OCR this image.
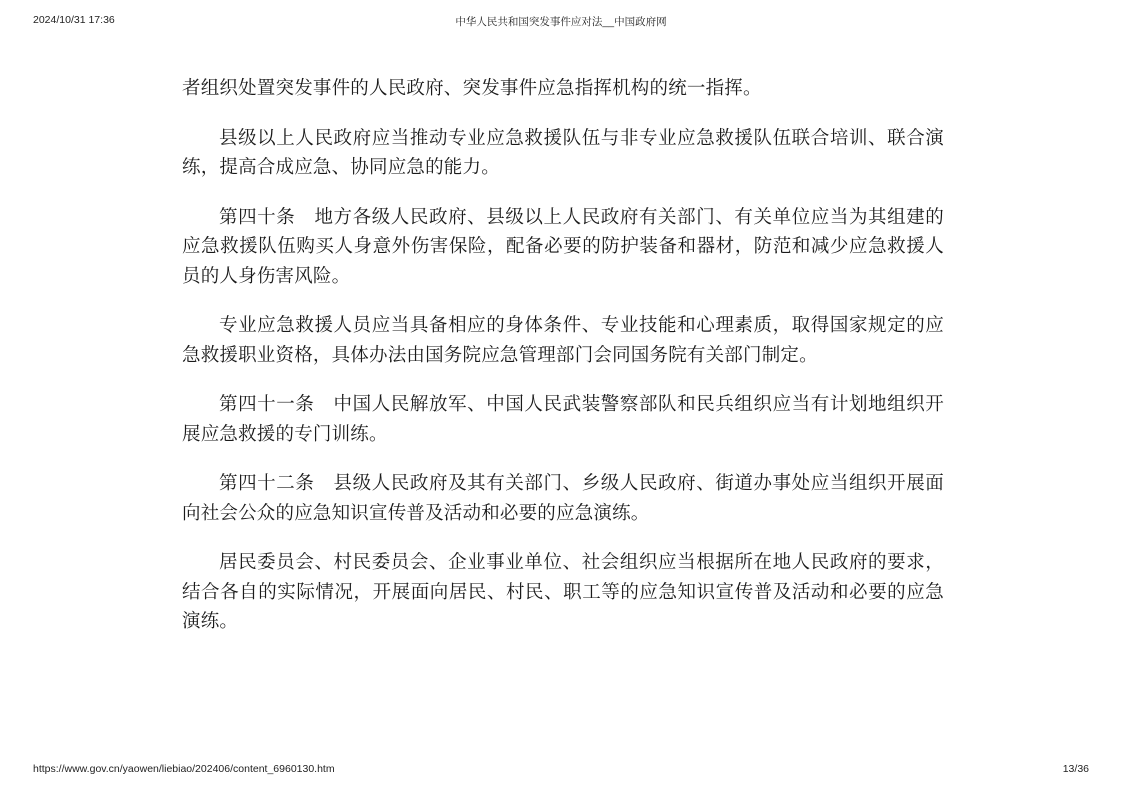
2024/10/31 17:36	中华人民共和国突发事件应对法__中国政府网

者组织处置突发事件的人民政府、突发事件应急指挥机构的统一指挥。

县级以上人民政府应当推动专业应急救援队伍与非专业应急救援队伍联合培训、联合演练，提高合成应急、协同应急的能力。

第四十条　地方各级人民政府、县级以上人民政府有关部门、有关单位应当为其组建的应急救援队伍购买人身意外伤害保险，配备必要的防护装备和器材，防范和减少应急救援人员的人身伤害风险。

专业应急救援人员应当具备相应的身体条件、专业技能和心理素质，取得国家规定的应急救援职业资格，具体办法由国务院应急管理部门会同国务院有关部门制定。

第四十一条　中国人民解放军、中国人民武装警察部队和民兵组织应当有计划地组织开展应急救援的专门训练。

第四十二条　县级人民政府及其有关部门、乡级人民政府、街道办事处应当组织开展面向社会公众的应急知识宣传普及活动和必要的应急演练。

居民委员会、村民委员会、企业事业单位、社会组织应当根据所在地人民政府的要求，结合各自的实际情况，开展面向居民、村民、职工等的应急知识宣传普及活动和必要的应急演练。

https://www.gov.cn/yaowen/liebiao/202406/content_6960130.htm	13/36
